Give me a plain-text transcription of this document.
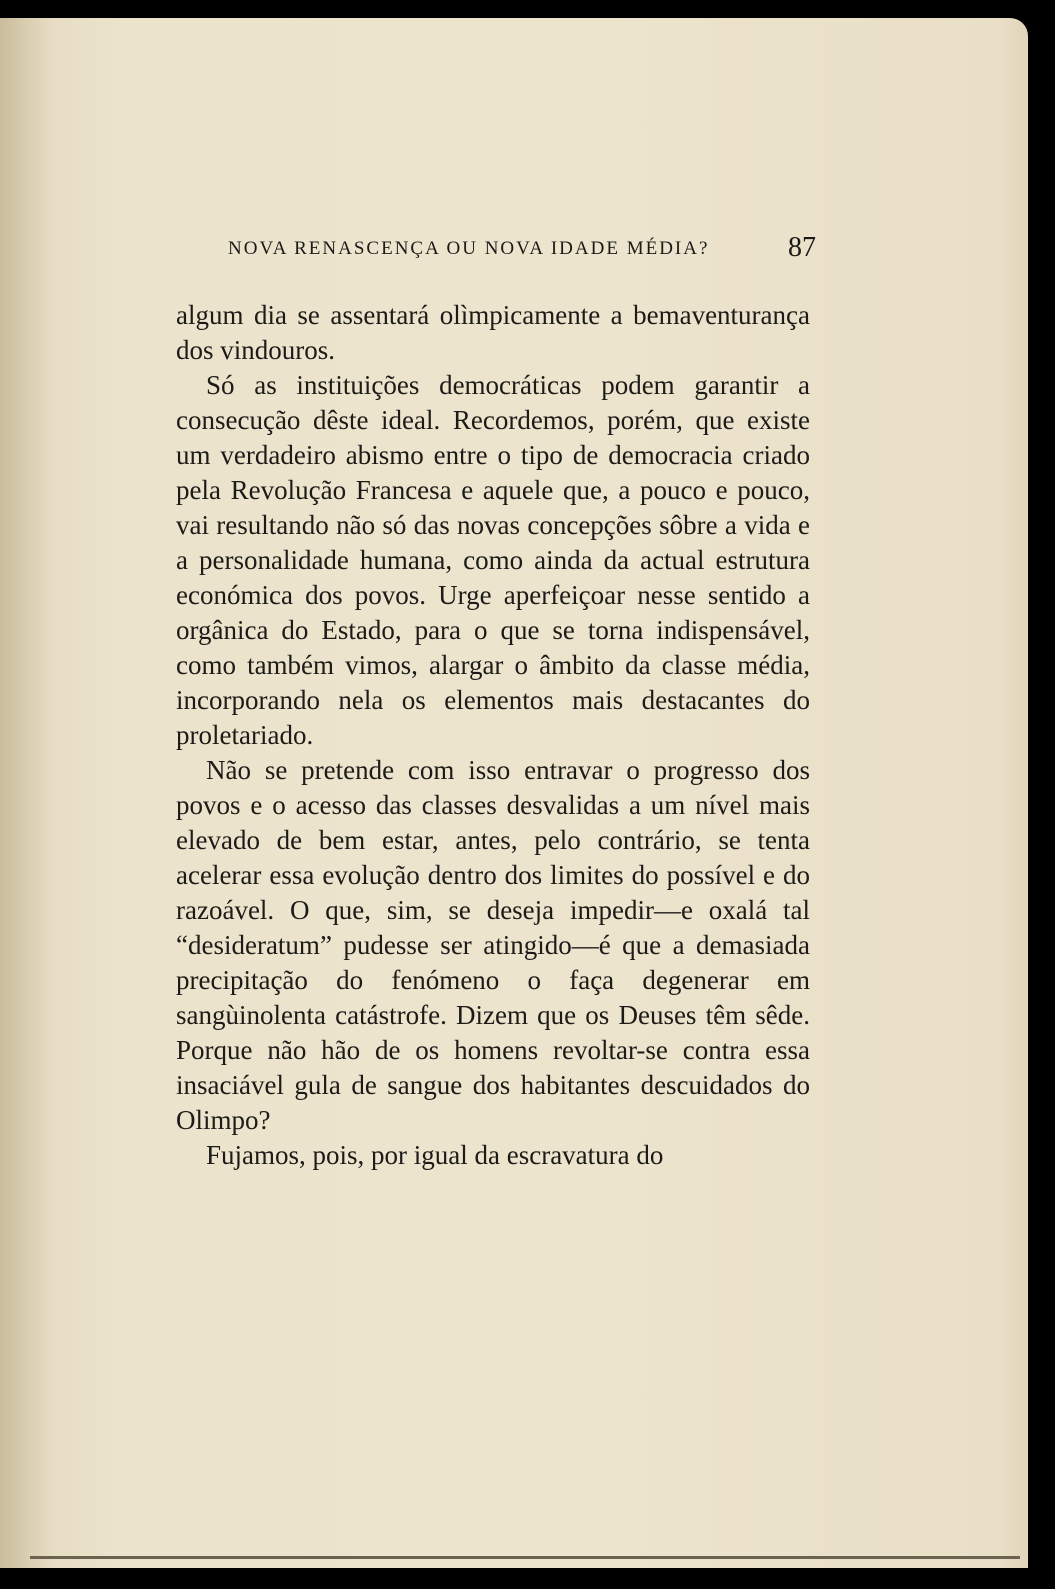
NOVA RENASCENÇA OU NOVA IDADE MÉDIA?	87

algum dia se assentará olìmpicamente a bemaventurança dos vindouros.

Só as instituições democráticas podem garantir a consecução dêste ideal. Recordemos, porém, que existe um verdadeiro abismo entre o tipo de democracia criado pela Revolução Francesa e aquele que, a pouco e pouco, vai resultando não só das novas concepções sôbre a vida e a personalidade humana, como ainda da actual estrutura económica dos povos. Urge aperfeiçoar nesse sentido a orgânica do Estado, para o que se torna indispensável, como também vimos, alargar o âmbito da classe média, incorporando nela os elementos mais destacantes do proletariado.

Não se pretende com isso entravar o progresso dos povos e o acesso das classes desvalidas a um nível mais elevado de bem estar, antes, pelo contrário, se tenta acelerar essa evolução dentro dos limites do possível e do razoável. O que, sim, se deseja impedir—e oxalá tal “desideratum” pudesse ser atingido—é que a demasiada precipitação do fenómeno o faça degenerar em sangùinolenta catástrofe. Dizem que os Deuses têm sêde. Porque não hão de os homens revoltar-se contra essa insaciável gula de sangue dos habitantes descuidados do Olimpo?

Fujamos, pois, por igual da escravatura do
